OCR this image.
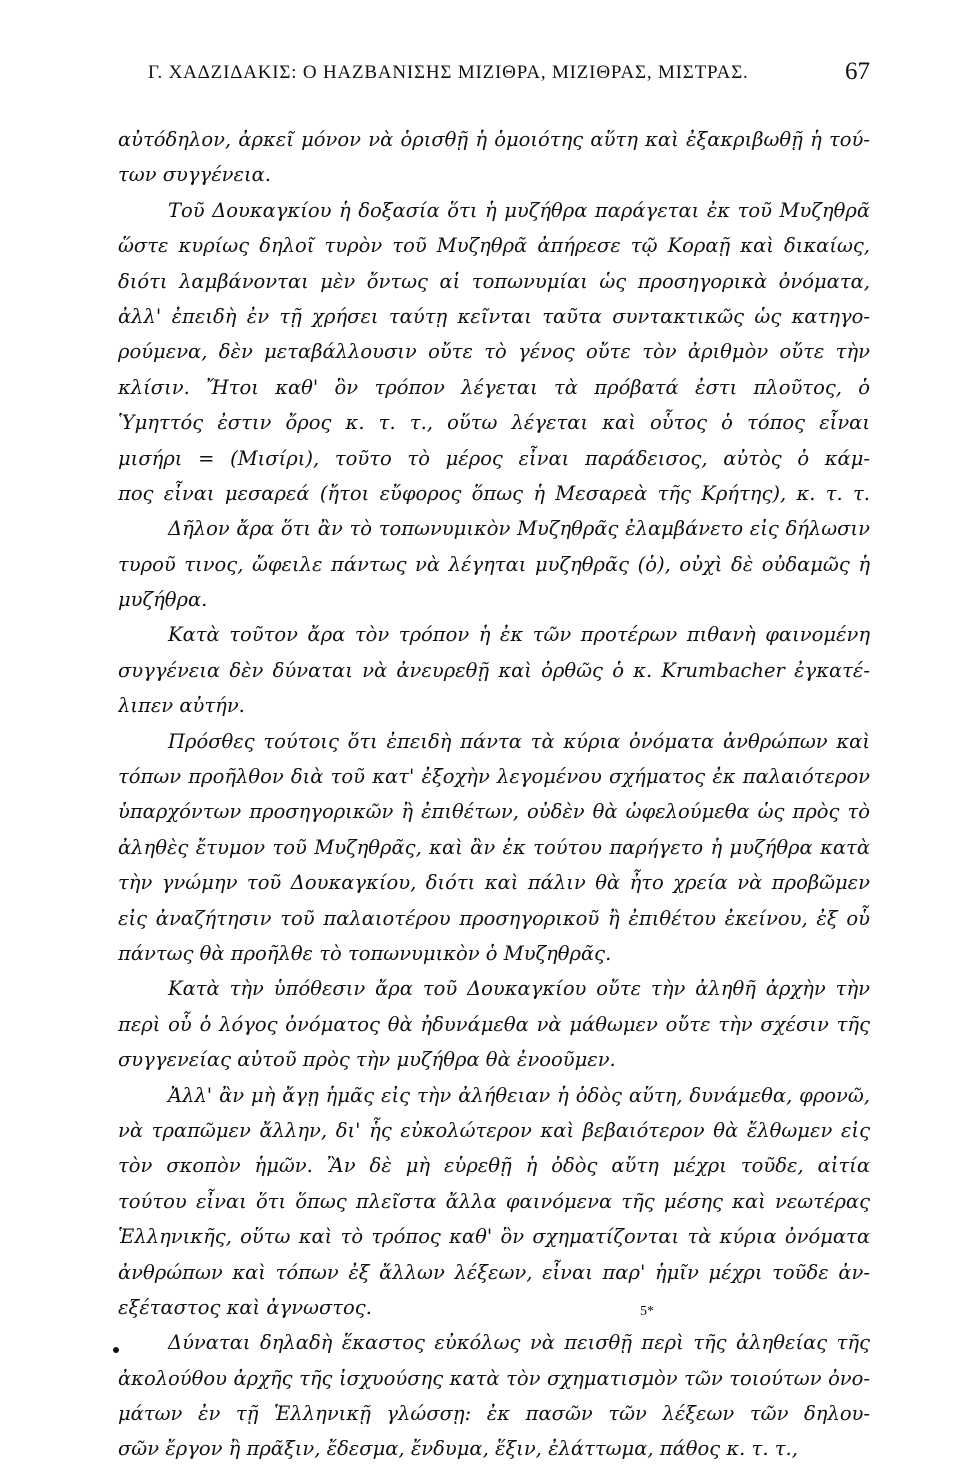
Γ. ΧΑΔΖΙΔΑΚΙΣ: Ο ΗΑΖΒΑΝΙΣΗΣ ΜΙΖΙΘΡΑ, ΜΙΖΙΘΡΑΣ, ΜΙΣΤΡΑΣ.	67
αὐτόδηλον, ἀρκεῖ μόνον νὰ ὁρισθῇ ἡ ὁμοιότης αὕτη καὶ ἐξακριβωθῇ ἡ τού-
των συγγένεια.
Τοῦ Δουκαγκίου ἡ δοξασία ὅτι ἡ μυζήθρα παράγεται ἐκ τοῦ Μυζηθρᾶ
ὥστε κυρίως δηλοῖ τυρὸν τοῦ Μυζηθρᾶ ἀπήρεσε τῷ Κοραῇ καὶ δικαίως,
διότι λαμβάνονται μὲν ὄντως αἱ τοπωνυμίαι ὡς προσηγορικὰ ὀνόματα,
ἀλλ' ἐπειδὴ ἐν τῇ χρήσει ταύτῃ κεῖνται ταῦτα συντακτικῶς ὡς κατηγο-
ρούμενα, δὲν μεταβάλλουσιν οὔτε τὸ γένος οὔτε τὸν ἀριθμὸν οὔτε τὴν
κλίσιν. Ἤτοι καθ' ὃν τρόπον λέγεται τὰ πρόβατά ἐστι πλοῦτος, ὁ
Ὑμηττός ἐστιν ὄρος κ. τ. τ., οὕτω λέγεται καὶ οὗτος ὁ τόπος εἶναι
μισήρι = (Μισίρι), τοῦτο τὸ μέρος εἶναι παράδεισος, αὐτὸς ὁ κάμ-
πος εἶναι μεσαρεά (ἤτοι εὔφορος ὅπως ἡ Μεσαρεὰ τῆς Κρήτης), κ. τ. τ.
Δῆλον ἄρα ὅτι ἂν τὸ τοπωνυμικὸν Μυζηθρᾶς ἐλαμβάνετο εἰς δήλωσιν
τυροῦ τινος, ὤφειλε πάντως νὰ λέγηται μυζηθρᾶς (ὁ), οὐχὶ δὲ οὐδαμῶς ἡ
μυζήθρα.
Κατὰ τοῦτον ἄρα τὸν τρόπον ἡ ἐκ τῶν προτέρων πιθανὴ φαινομένη
συγγένεια δὲν δύναται νὰ ἀνευρεθῇ καὶ ὀρθῶς ὁ κ. Krumbacher ἐγκατέ-
λιπεν αὐτήν.
Πρόσθες τούτοις ὅτι ἐπειδὴ πάντα τὰ κύρια ὀνόματα ἀνθρώπων καὶ
τόπων προῆλθον διὰ τοῦ κατ' ἐξοχὴν λεγομένου σχήματος ἐκ παλαιότερον
ὑπαρχόντων προσηγορικῶν ἢ ἐπιθέτων, οὐδὲν θὰ ὠφελούμεθα ὡς πρὸς τὸ
ἀληθὲς ἔτυμον τοῦ Μυζηθρᾶς, καὶ ἂν ἐκ τούτου παρήγετο ἡ μυζήθρα κατὰ
τὴν γνώμην τοῦ Δουκαγκίου, διότι καὶ πάλιν θὰ ἦτο χρεία νὰ προβῶμεν
εἰς ἀναζήτησιν τοῦ παλαιοτέρου προσηγορικοῦ ἢ ἐπιθέτου ἐκείνου, ἐξ οὗ
πάντως θὰ προῆλθε τὸ τοπωνυμικὸν ὁ Μυζηθρᾶς.
Κατὰ τὴν ὑπόθεσιν ἄρα τοῦ Δουκαγκίου οὔτε τὴν ἀληθῆ ἀρχὴν τὴν
περὶ οὗ ὁ λόγος ὀνόματος θὰ ἠδυνάμεθα νὰ μάθωμεν οὔτε τὴν σχέσιν τῆς
συγγενείας αὐτοῦ πρὸς τὴν μυζήθρα θὰ ἐνοοῦμεν.
Ἀλλ' ἂν μὴ ἄγῃ ἡμᾶς εἰς τὴν ἀλήθειαν ἡ ὁδὸς αὕτη, δυνάμεθα, φρονῶ,
νὰ τραπῶμεν ἄλλην, δι' ἧς εὐκολώτερον καὶ βεβαιότερον θὰ ἔλθωμεν εἰς
τὸν σκοπὸν ἡμῶν. Ἂν δὲ μὴ εὑρεθῇ ἡ ὁδὸς αὕτη μέχρι τοῦδε, αἰτία
τούτου εἶναι ὅτι ὅπως πλεῖστα ἄλλα φαινόμενα τῆς μέσης καὶ νεωτέρας
Ἑλληνικῆς, οὕτω καὶ τὸ τρόπος καθ' ὃν σχηματίζονται τὰ κύρια ὀνόματα
ἀνθρώπων καὶ τόπων ἐξ ἄλλων λέξεων, εἶναι παρ' ἡμῖν μέχρι τοῦδε ἀν-
εξέταστος καὶ ἀγνωστος.
Δύναται δηλαδὴ ἕκαστος εὐκόλως νὰ πεισθῇ περὶ τῆς ἀληθείας τῆς
ἀκολούθου ἀρχῆς τῆς ἰσχυούσης κατὰ τὸν σχηματισμὸν τῶν τοιούτων ὀνο-
μάτων ἐν τῇ Ἑλληνικῇ γλώσσῃ: ἐκ πασῶν τῶν λέξεων τῶν δηλου-
σῶν ἔργον ἢ πρᾶξιν, ἔδεσμα, ἔνδυμα, ἕξιν, ἐλάττωμα, πάθος κ. τ. τ.,
5*
